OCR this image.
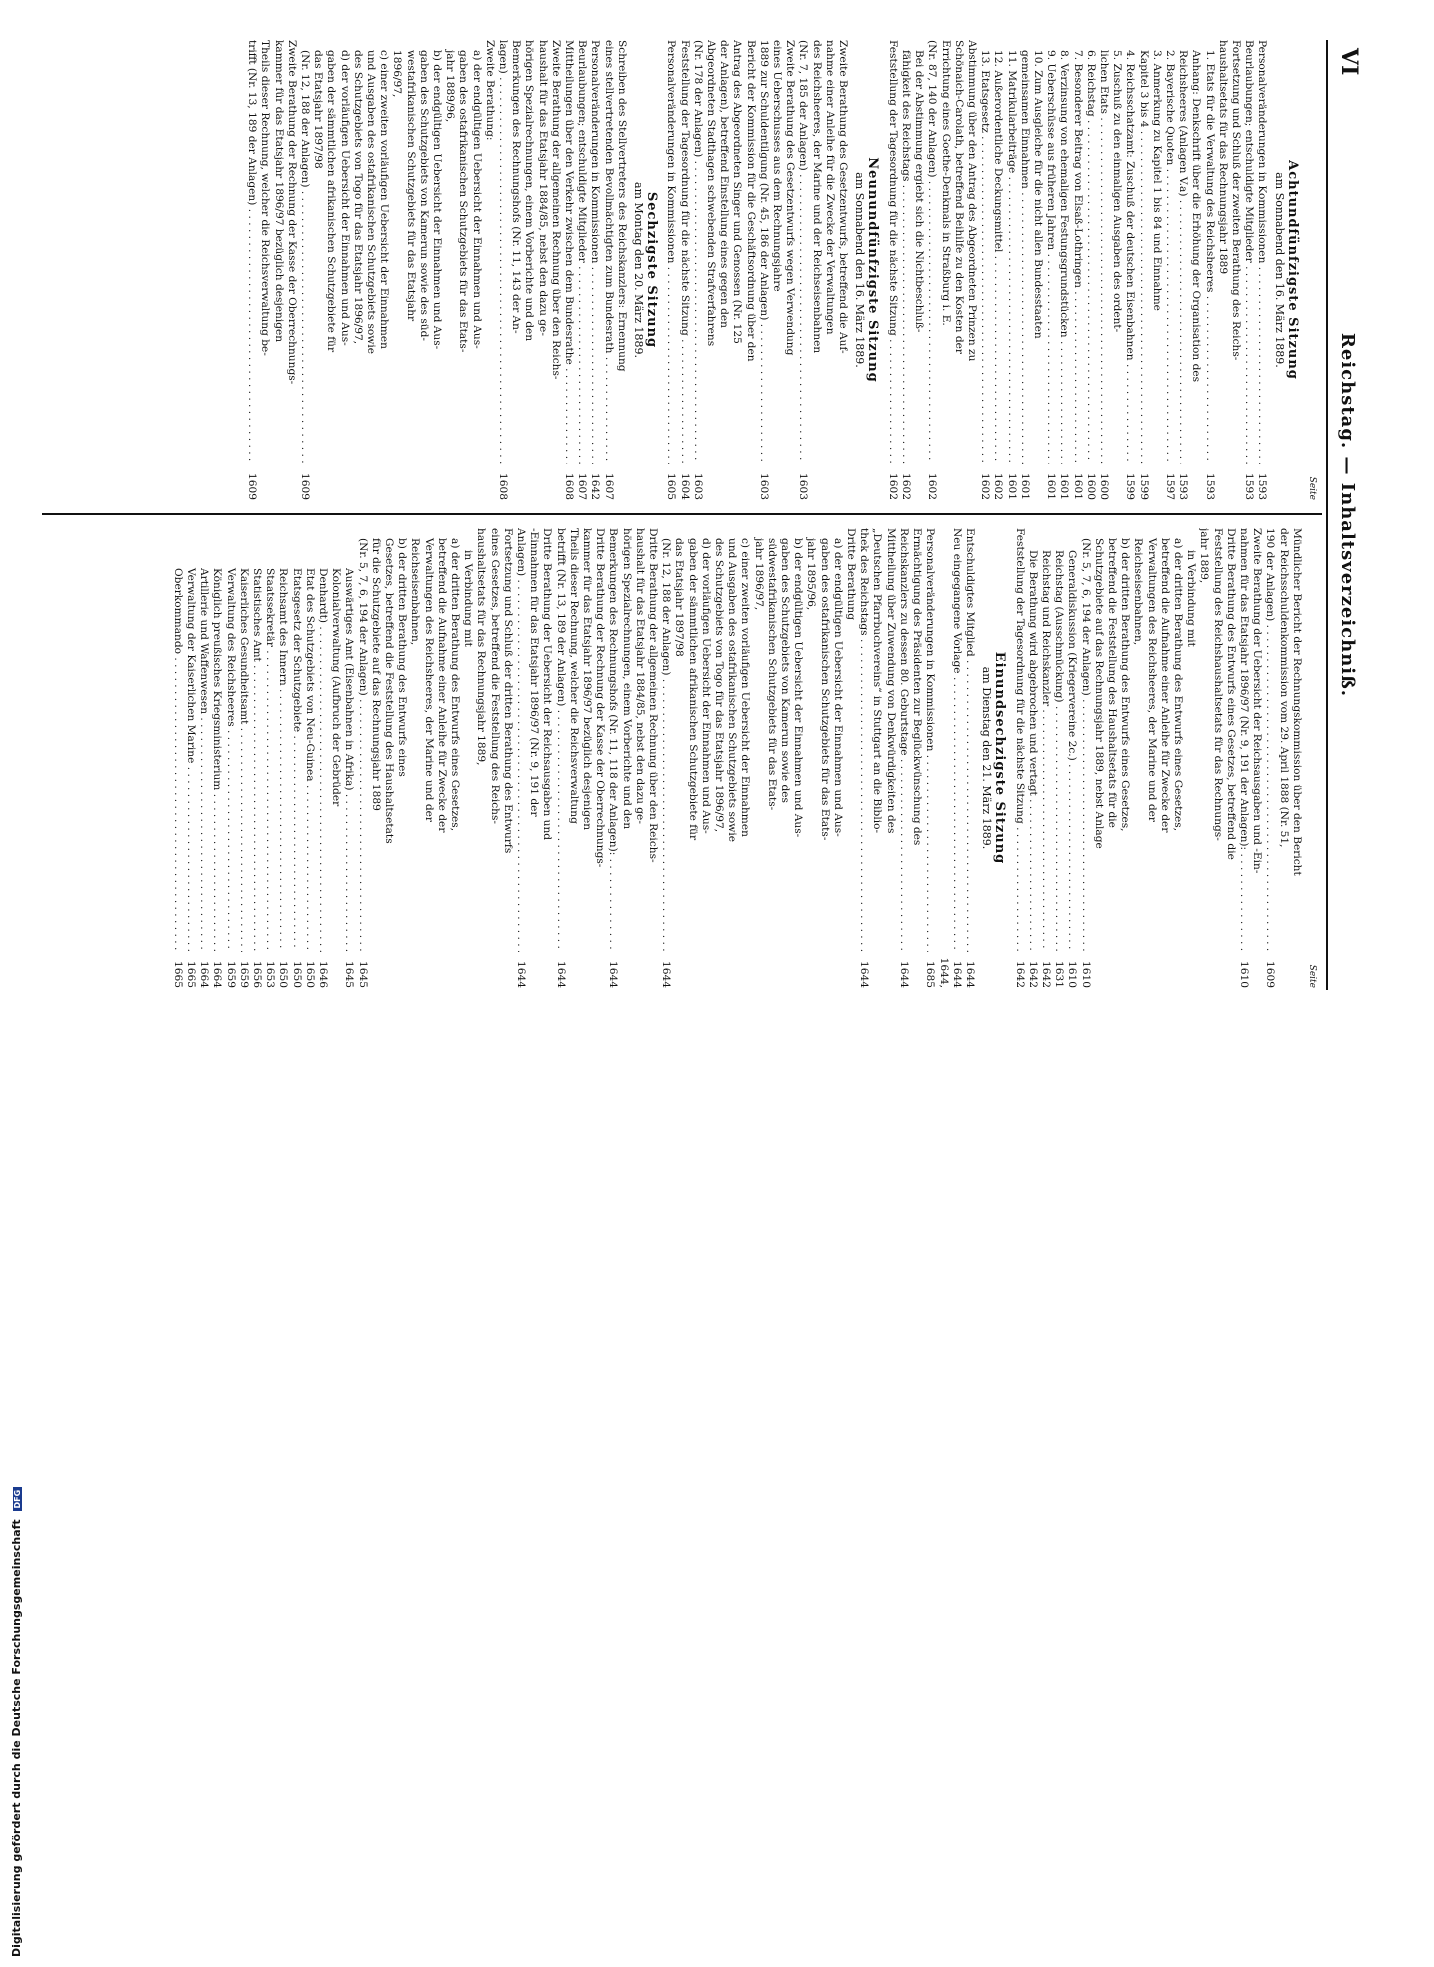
VI
Reichstag. — Inhaltsverzeichniß.
Seite
Achtundfünfzigste Sitzung
am Sonnabend den 16. März 1889.
Personalveränderungen in Kommissionen . . .
1593
Beurlaubungen; entschuldigte Mitglieder . . .
1593
Fortsetzung und Schluß der zweiten Berathung des Reichs-
haushaltsetats für das Rechnungsjahr 1889
1. Etats für die Verwaltung des Reichsheeres . . .
1593
Anhang: Denkschrift über die Erhöhung der Organisation des
Reichsheeres (Anlagen V.a) . . .
1593
2. Bayerische Quoten . . .
1597
3. Anmerkung zu Kapitel 1 bis 84 und Einnahme
Kapitel 3 bis 4 . . .
1599
4. Reichsschatzamt: Zuschuß der deutschen Eisenbahnen . . .
1599
5. Zuschuß zu den einmaligen Ausgaben des ordent-
lichen Etats . . .
1600
6. Reichstag . . .
1600
7. Besonderer Beitrag von Elsaß-Lothringen . . .
1601
8. Verzinsung von ehemaligen Festungsgrundstücken . . .
1601
9. Ueberschüsse aus früheren Jahren . . .
1601
10. Zum Ausgleiche für die nicht allen Bundesstaaten
gemeinsamen Einnahmen . . .
1601
11. Matrikularbeiträge . . .
1601
12. Außerordentliche Deckungsmittel . . .
1602
13. Etatsgesetz . . .
1602
Abstimmung über den Antrag des Abgeordneten Prinzen zu
Schönaich-Carolath, betreffend Beihilfe zu den Kosten der
Errichtung eines Goethe-Denkmals in Straßburg i. E.
(Nr. 87, 140 der Anlagen) . . .
1602
Bei der Abstimmung ergiebt sich die Nichtbeschluß-
fähigkeit des Reichstags . . .
1602
Feststellung der Tagesordnung für die nächste Sitzung . . .
1602
Neunundfünfzigste Sitzung
am Sonnabend den 16. März 1889.
Zweite Berathung des Gesetzentwurfs, betreffend die Auf-
nahme einer Anleihe für die Zwecke der Verwaltungen
des Reichsheeres, der Marine und der Reichseisenbahnen
(Nr. 7, 185 der Anlagen) . . .
1603
Zweite Berathung des Gesetzentwurfs wegen Verwendung
eines Ueberschusses aus dem Rechnungsjahre
1889 zur Schuldentilgung (Nr. 45, 186 der Anlagen) . . .
1603
Bericht der Kommission für die Geschäftsordnung über den
Antrag des Abgeordneten Singer und Genossen (Nr. 125
der Anlagen), betreffend Einstellung eines gegen den
Abgeordneten Stadthagen schwebenden Strafverfahrens
(Nr. 178 der Anlagen) . . .
1603
Feststellung der Tagesordnung für die nächste Sitzung . . .
1604
Personalveränderungen in Kommissionen . . .
1605
Sechzigste Sitzung
am Montag den 20. März 1889.
Schreiben des Stellvertreters des Reichskanzlers: Ernennung
eines stellvertretenden Bevollmächtigten zum Bundesrath . . .
1607
Personalveränderungen in Kommissionen . . .
1642
Beurlaubungen; entschuldigte Mitglieder . . .
1607
Mittheilungen über den Verkehr zwischen dem Bundesrathe . . .
1608
Zweite Berathung der allgemeinen Rechnung über den Reichs-
haushalt für das Etatsjahr 1884/85, nebst den dazu ge-
hörigen Spezialrechnungen, einem Vorberichte und den
Bemerkungen des Rechnungshofs (Nr. 11, 143 der An-
lagen) . . .
1608
Zweite Berathung:
a) der endgültigen Uebersicht der Einnahmen und Aus-
gaben des ostafrikanischen Schutzgebiets für das Etats-
jahr 1889/96,
b) der endgültigen Uebersicht der Einnahmen und Aus-
gaben des Schutzgebiets von Kamerun sowie des süd-
westafrikanischen Schutzgebiets für das Etatsjahr
1896/97,
c) einer zweiten vorläufigen Uebersicht der Einnahmen
und Ausgaben des ostafrikanischen Schutzgebiets sowie
des Schutzgebiets von Togo für das Etatsjahr 1896/97,
d) der vorläufigen Uebersicht der Einnahmen und Aus-
gaben der sämmtlichen afrikanischen Schutzgebiete für
das Etatsjahr 1897/98
(Nr. 12, 188 der Anlagen) . . .
1609
Zweite Berathung der Rechnung der Kasse der Oberrechnungs-
kammer für das Etatsjahr 1896/97 bezüglich desjenigen
Theils dieser Rechnung, welcher die Reichsverwaltung be-
trifft (Nr. 13, 189 der Anlagen) . . .
1609
Seite
Mündlicher Bericht der Rechnungskommission über den Bericht
der Reichsschuldenkommission vom 29. April 1888 (Nr. 51,
190 der Anlagen) . . .
1609
Zweite Berathung der Uebersicht der Reichsausgaben und -Ein-
nahmen für das Etatsjahr 1896/97 (Nr. 9, 191 der Anlagen): . . .
1610
Dritte Berathung des Entwurfs eines Gesetzes, betreffend die
Feststellung des Reichshaushaltsetats für das Rechnungs-
jahr 1889,
in Verbindung mit
a) der dritten Berathung des Entwurfs eines Gesetzes,
betreffend die Aufnahme einer Anleihe für Zwecke der
Verwaltungen des Reichsheeres, der Marine und der
Reichseisenbahnen,
b) der dritten Berathung des Entwurfs eines Gesetzes,
betreffend die Feststellung des Haushaltsetats für die
Schutzgebiete auf das Rechnungsjahr 1889, nebst Anlage
(Nr. 5, 7, 6, 194 der Anlagen) . . .
1610
Generaldiskussion (Kriegervereine 2c.) . . .
1610
Reichstag (Ausschmückung) . . .
1631
Reichstag und Reichskanzler . . .
1642
Die Berathung wird abgebrochen und vertagt . . .
1642
Feststellung der Tagesordnung für die nächste Sitzung . . .
1642
Einundsechzigste Sitzung
am Dienstag den 21. März 1889.
Entschuldigtes Mitglied . . .
1644
Neu eingegangene Vorlage . . .
1644
Personalveränderungen in Kommissionen . . .
1644, 1685
Ermächtigung des Präsidenten zur Beglückwünschung des
Reichskanzlers zu dessen 80. Geburtstage . . .
1644
Mittheilung über Zuwendung von Denkwürdigkeiten des
„Deutschen Pfarrbuchvereins“ in Stuttgart an die Biblio-
thek des Reichstags . . .
1644
Dritte Berathung
a) der endgültigen Uebersicht der Einnahmen und Aus-
gaben des ostafrikanischen Schutzgebiets für das Etats-
jahr 1895/96,
b) der endgültigen Uebersicht der Einnahmen und Aus-
gaben des Schutzgebiets von Kamerun sowie des
südwestafrikanischen Schutzgebiets für das Etats-
jahr 1896/97,
c) einer zweiten vorläufigen Uebersicht der Einnahmen
und Ausgaben des ostafrikanischen Schutzgebiets sowie
des Schutzgebiets von Togo für das Etatsjahr 1896/97,
d) der vorläufigen Uebersicht der Einnahmen und Aus-
gaben der sämmtlichen afrikanischen Schutzgebiete für
das Etatsjahr 1897/98
(Nr. 12, 188 der Anlagen) . . .
1644
Dritte Berathung der allgemeinen Rechnung über den Reichs-
haushalt für das Etatsjahr 1884/85, nebst den dazu ge-
hörigen Spezialrechnungen, einem Vorberichte und den
Bemerkungen des Rechnungshofs (Nr. 11, 118 der Anlagen): . . .
1644
Dritte Berathung der Rechnung der Kasse der Oberrechnungs-
kammer für das Etatsjahr 1896/97 bezüglich desjenigen
Theils dieser Rechnung, welcher die Reichsverwaltung
betrifft (Nr. 13, 189 der Anlagen) . . .
1644
Dritte Berathung der Uebersicht der Reichsausgaben und
-Einnahmen für das Etatsjahr 1896/97 (Nr. 9, 191 der
Anlagen) . . .
1644
Fortsetzung und Schluß der dritten Berathung des Entwurfs
eines Gesetzes, betreffend die Feststellung des Reichs-
haushaltsetats für das Rechnungsjahr 1889,
in Verbindung mit
a) der dritten Berathung des Entwurfs eines Gesetzes,
betreffend die Aufnahme einer Anleihe für Zwecke der
Verwaltungen des Reichsheeres, der Marine und der
Reichseisenbahnen,
b) der dritten Berathung des Entwurfs eines
Gesetzes, betreffend die Feststellung des Haushaltsetats
für die Schutzgebiete auf das Rechnungsjahr 1889
(Nr. 5, 7, 6, 194 der Anlagen) . . .
1645
Auswärtiges Amt (Eisenbahnen in Afrika) . . .
1645
Kolonialverwaltung (Aufbruch der Gebrüder
Denhardt) . . .
1646
Etat des Schutzgebiets von Neu-Guinea . . .
1650
Etatsgesetz der Schutzgebiete . . .
1650
Reichsamt des Innern . . .
1650
Staatssekretär . . .
1653
Statistisches Amt . . .
1656
Kaiserliches Gesundheitsamt . . .
1659
Verwaltung des Reichsheeres . . .
1659
Königlich preußisches Kriegsministerium . . .
1664
Artillerie und Waffenwesen . . .
1664
Verwaltung der Kaiserlichen Marine . . .
1665
Oberkommando . . .
1665
Digitalisierung gefördert durch die Deutsche Forschungsgemeinschaft DFG
